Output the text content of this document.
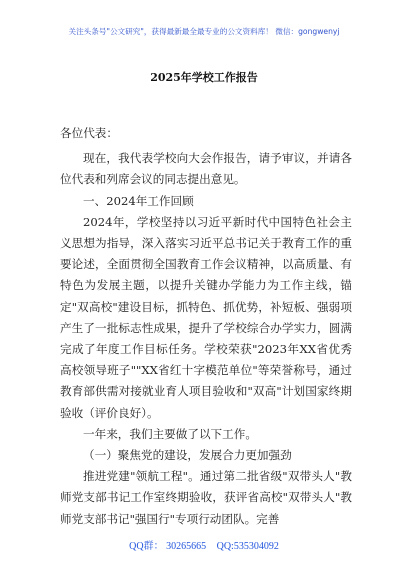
关注头条号"公文研究"，获得最新最全最专业的公文资料库！ 微信：gongwenyj
2025年学校工作报告

各位代表：

现在，我代表学校向大会作报告，请予审议，并请各位代表和列席会议的同志提出意见。

一、2024年工作回顾

2024年，学校坚持以习近平新时代中国特色社会主义思想为指导，深入落实习近平总书记关于教育工作的重要论述，全面贯彻全国教育工作会议精神，以高质量、有特色为发展主题，以提升关键办学能力为工作主线，锚定"双高校"建设目标，抓特色、抓优势，补短板、强弱项产生了一批标志性成果，提升了学校综合办学实力，圆满完成了年度工作目标任务。学校荣获"2023年XX省优秀高校领导班子""XX省红十字模范单位"等荣誉称号，通过教育部供需对接就业育人项目验收和"双高"计划国家终期验收（评价良好）。

一年来，我们主要做了以下工作。

（一）聚焦党的建设，发展合力更加强劲

推进党建"领航工程"。通过第二批省级"双带头人"教师党支部书记工作室终期验收，获评省高校"双带头人"教师党支部书记"强国行"专项行动团队。完善

QQ群： 30265665 QQ:535304092
